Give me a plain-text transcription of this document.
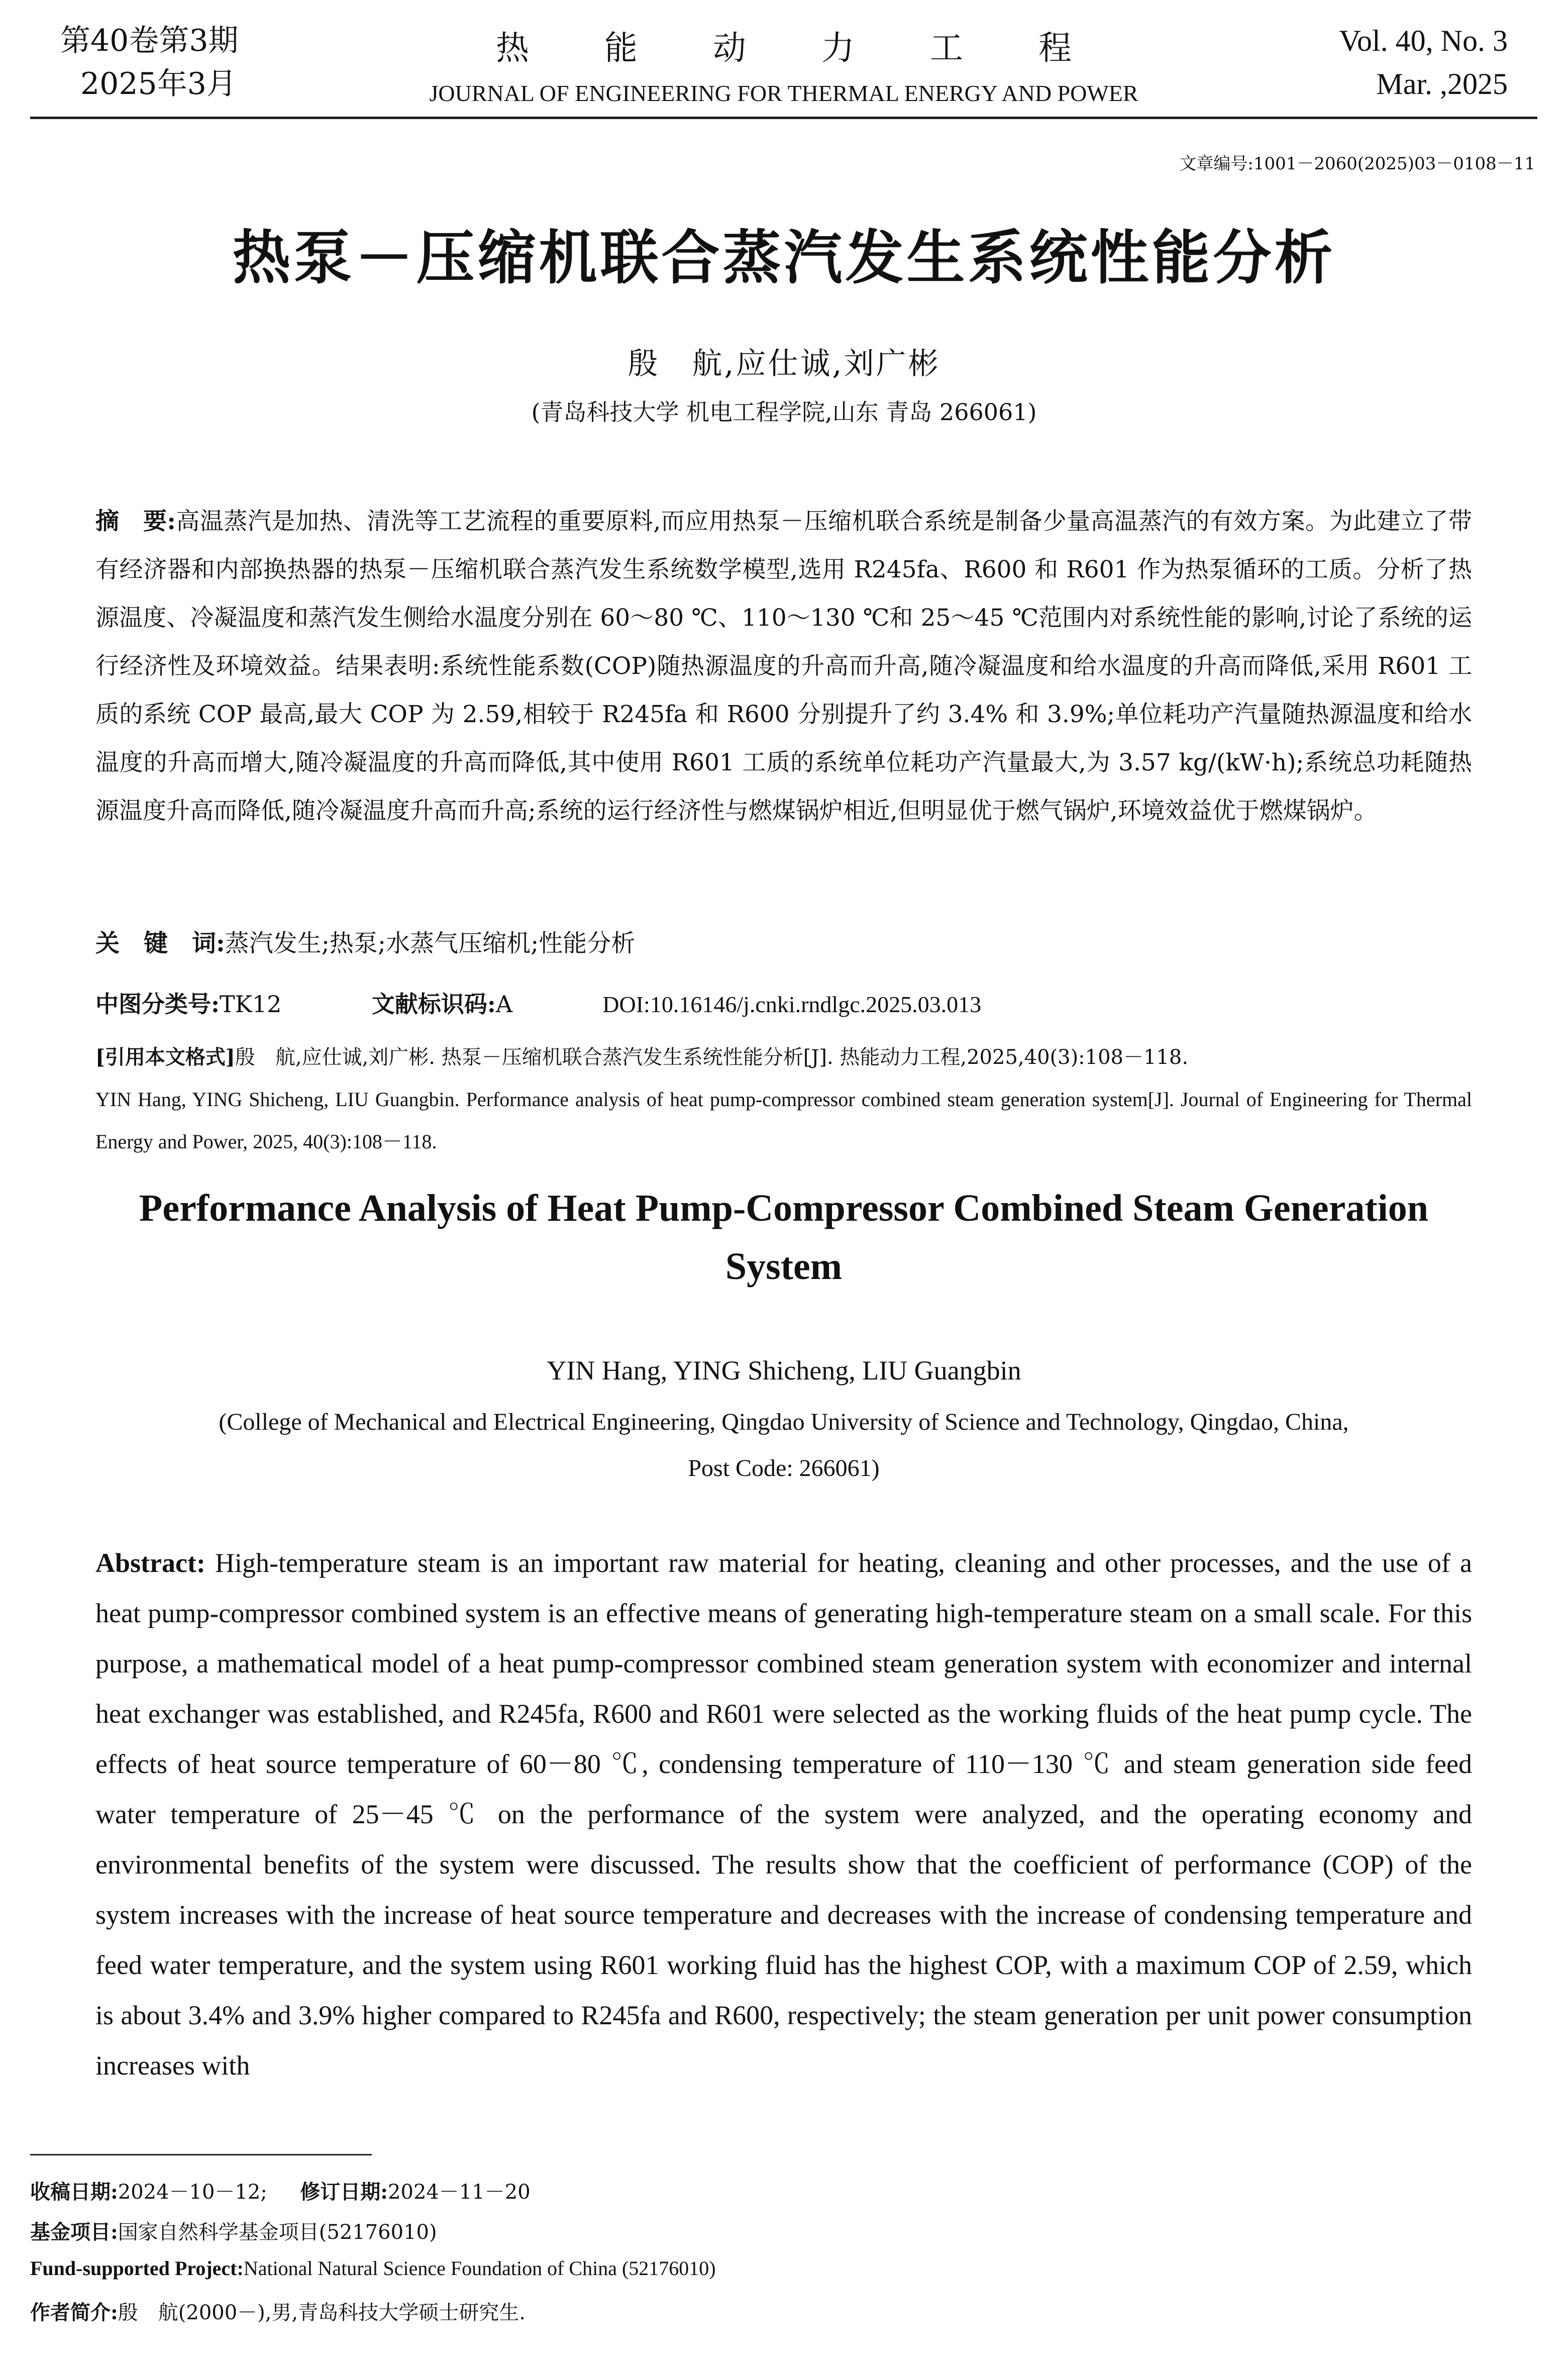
第40卷第3期
2025年3月
热能动力工程
JOURNAL OF ENGINEERING FOR THERMAL ENERGY AND POWER
Vol. 40, No. 3
Mar. ,2025
文章编号:1001－2060(2025)03－0108－11
热泵－压缩机联合蒸汽发生系统性能分析
殷　航,应仕诚,刘广彬
(青岛科技大学 机电工程学院,山东 青岛 266061)
摘　要:高温蒸汽是加热、清洗等工艺流程的重要原料,而应用热泵－压缩机联合系统是制备少量高温蒸汽的有效方案。为此建立了带有经济器和内部换热器的热泵－压缩机联合蒸汽发生系统数学模型,选用 R245fa、R600 和 R601 作为热泵循环的工质。分析了热源温度、冷凝温度和蒸汽发生侧给水温度分别在 60～80 ℃、110～130 ℃和 25～45 ℃范围内对系统性能的影响,讨论了系统的运行经济性及环境效益。结果表明:系统性能系数(COP)随热源温度的升高而升高,随冷凝温度和给水温度的升高而降低,采用 R601 工质的系统 COP 最高,最大 COP 为 2.59,相较于 R245fa 和 R600 分别提升了约 3.4% 和 3.9%;单位耗功产汽量随热源温度和给水温度的升高而增大,随冷凝温度的升高而降低,其中使用 R601 工质的系统单位耗功产汽量最大,为 3.57 kg/(kW·h);系统总功耗随热源温度升高而降低,随冷凝温度升高而升高;系统的运行经济性与燃煤锅炉相近,但明显优于燃气锅炉,环境效益优于燃煤锅炉。
关　键　词:蒸汽发生;热泵;水蒸气压缩机;性能分析
中图分类号:TK12	文献标识码:A	DOI:10.16146/j.cnki.rndlgc.2025.03.013
[引用本文格式]殷　航,应仕诚,刘广彬. 热泵－压缩机联合蒸汽发生系统性能分析[J]. 热能动力工程,2025,40(3):108－118.
YIN Hang, YING Shicheng, LIU Guangbin. Performance analysis of heat pump-compressor combined steam generation system[J]. Journal of Engineering for Thermal Energy and Power, 2025, 40(3):108－118.
Performance Analysis of Heat Pump-Compressor Combined Steam Generation System
YIN Hang, YING Shicheng, LIU Guangbin
(College of Mechanical and Electrical Engineering, Qingdao University of Science and Technology, Qingdao, China, Post Code: 266061)
Abstract: High-temperature steam is an important raw material for heating, cleaning and other processes, and the use of a heat pump-compressor combined system is an effective means of generating high-temperature steam on a small scale. For this purpose, a mathematical model of a heat pump-compressor combined steam generation system with economizer and internal heat exchanger was established, and R245fa, R600 and R601 were selected as the working fluids of the heat pump cycle. The effects of heat source temperature of 60－80 ℃, condensing temperature of 110－130 ℃ and steam generation side feed water temperature of 25－45 ℃ on the performance of the system were analyzed, and the operating economy and environmental benefits of the system were discussed. The results show that the coefficient of performance (COP) of the system increases with the increase of heat source temperature and decreases with the increase of condensing temperature and feed water temperature, and the system using R601 working fluid has the highest COP, with a maximum COP of 2.59, which is about 3.4% and 3.9% higher compared to R245fa and R600, respectively; the steam generation per unit power consumption increases with
收稿日期:2024－10－12; 修订日期:2024－11－20
基金项目:国家自然科学基金项目(52176010)
Fund-supported Project:National Natural Science Foundation of China (52176010)
作者简介:殷　航(2000－),男,青岛科技大学硕士研究生.
